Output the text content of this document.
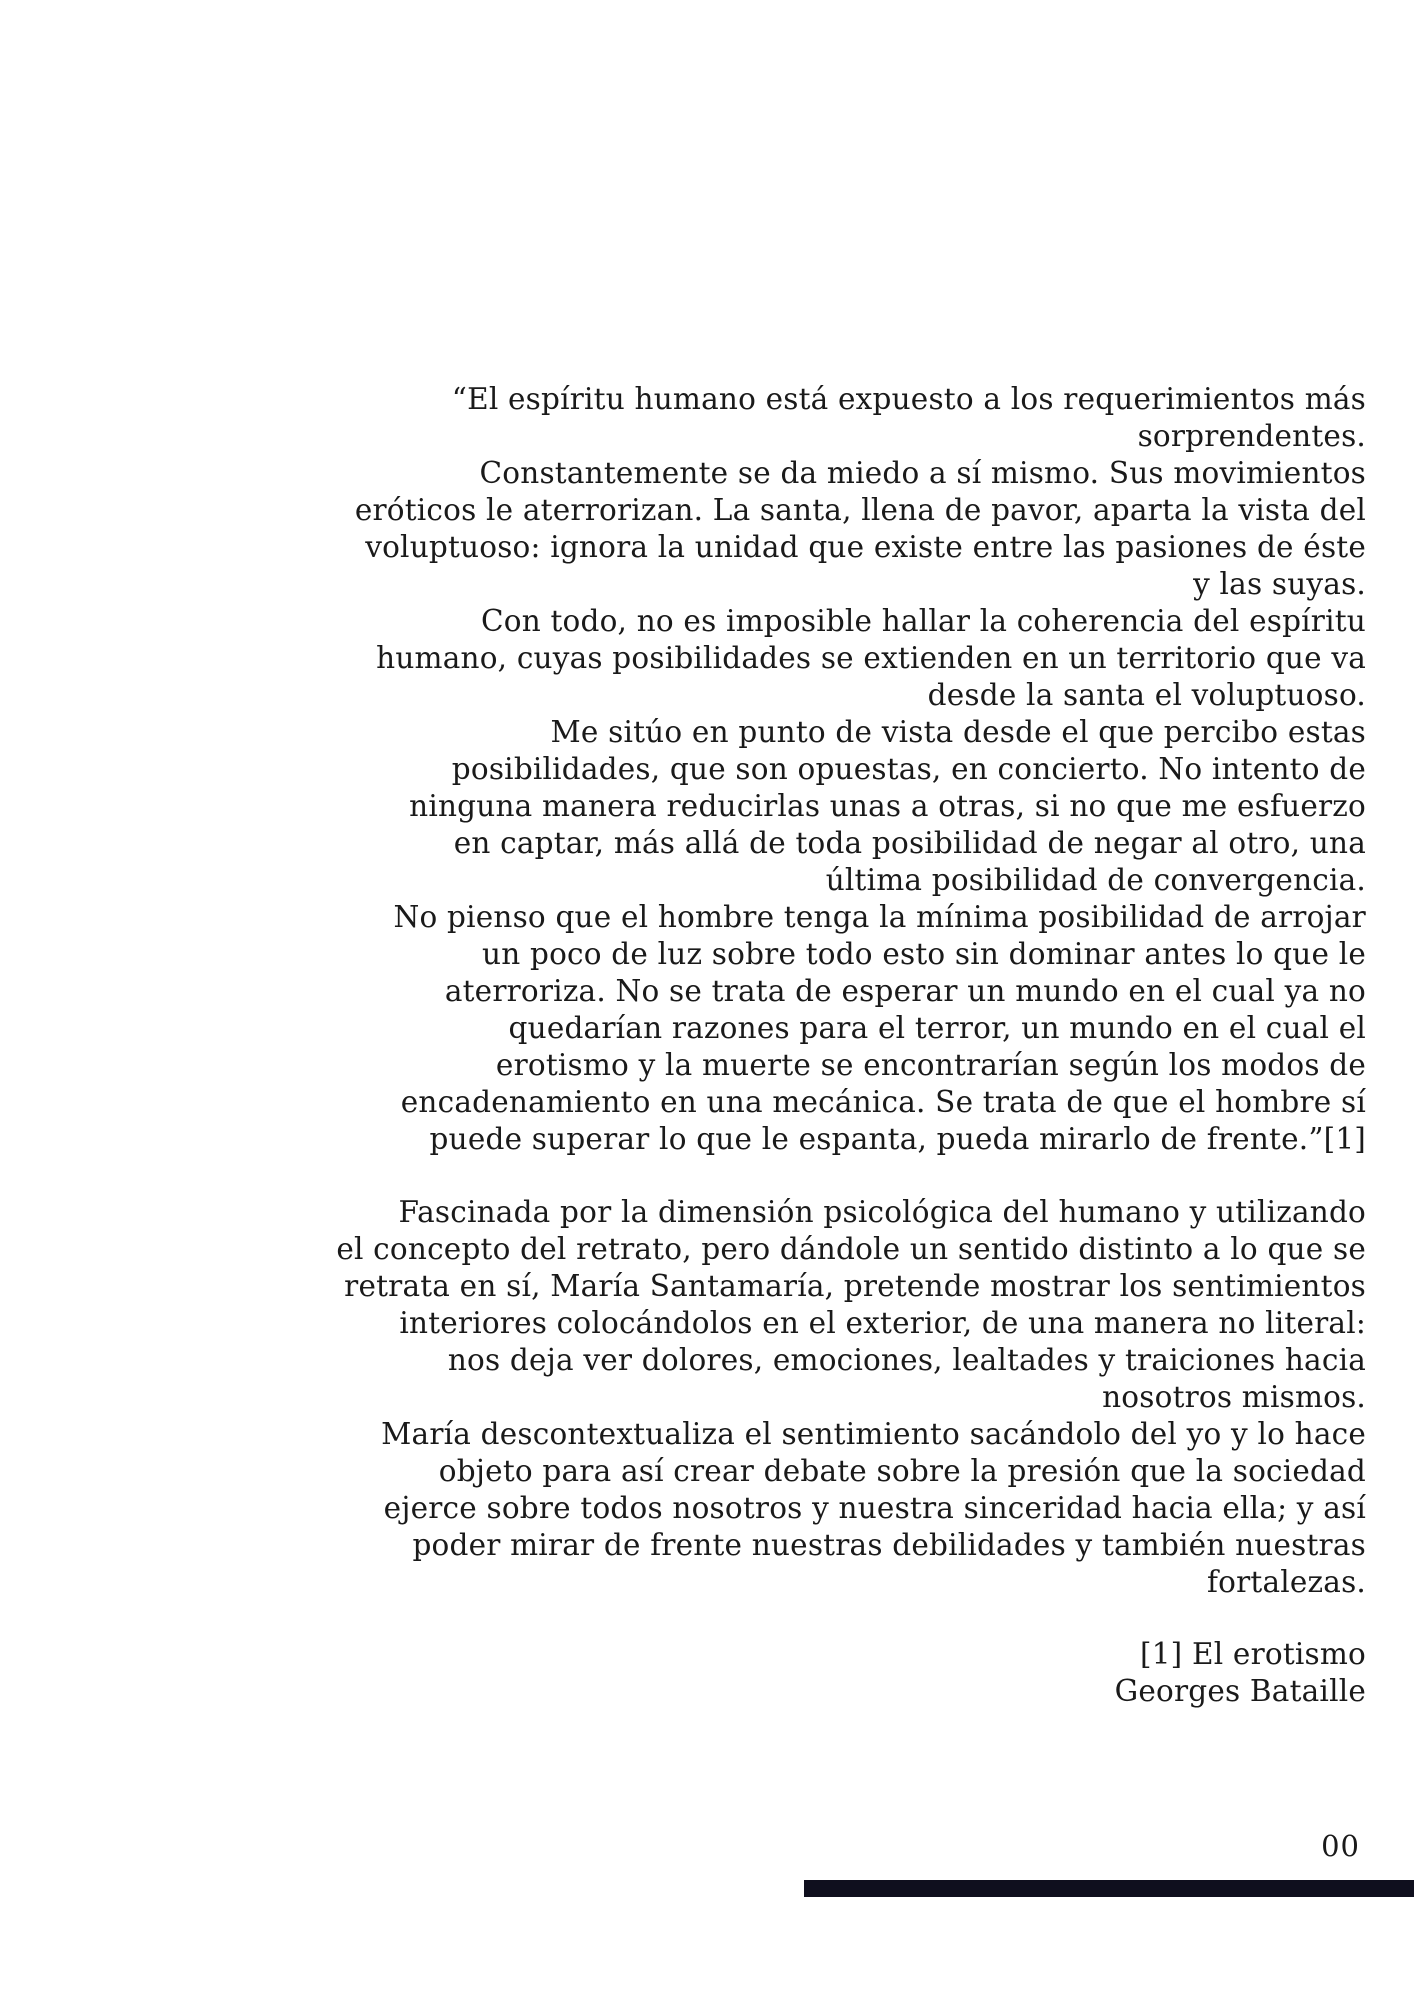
“El espíritu humano está expuesto a los requerimientos más
sorprendentes.
Constantemente se da miedo a sí mismo. Sus movimientos
eróticos le aterrorizan. La santa, llena de pavor, aparta la vista del
voluptuoso: ignora la unidad que existe entre las pasiones de éste
y las suyas.
Con todo, no es imposible hallar la coherencia del espíritu
humano, cuyas posibilidades se extienden en un territorio que va
desde la santa el voluptuoso.
Me sitúo en punto de vista desde el que percibo estas
posibilidades, que son opuestas, en concierto. No intento de
ninguna manera reducirlas unas a otras, si no que me esfuerzo
en captar, más allá de toda posibilidad de negar al otro, una
última posibilidad de convergencia.
No pienso que el hombre tenga la mínima posibilidad de arrojar
un poco de luz sobre todo esto sin dominar antes lo que le
aterroriza. No se trata de esperar un mundo en el cual ya no
quedarían razones para el terror, un mundo en el cual el
erotismo y la muerte se encontrarían según los modos de
encadenamiento en una mecánica. Se trata de que el hombre sí
puede superar lo que le espanta, pueda mirarlo de frente.”[1]
Fascinada por la dimensión psicológica del humano y utilizando
el concepto del retrato, pero dándole un sentido distinto a lo que se
retrata en sí, María Santamaría, pretende mostrar los sentimientos
interiores colocándolos en el exterior, de una manera no literal:
nos deja ver dolores, emociones, lealtades y traiciones hacia
nosotros mismos.
María descontextualiza el sentimiento sacándolo del yo y lo hace
objeto para así crear debate sobre la presión que la sociedad
ejerce sobre todos nosotros y nuestra sinceridad hacia ella; y así
poder mirar de frente nuestras debilidades y también nuestras
fortalezas.
[1] El erotismo
Georges Bataille
00
